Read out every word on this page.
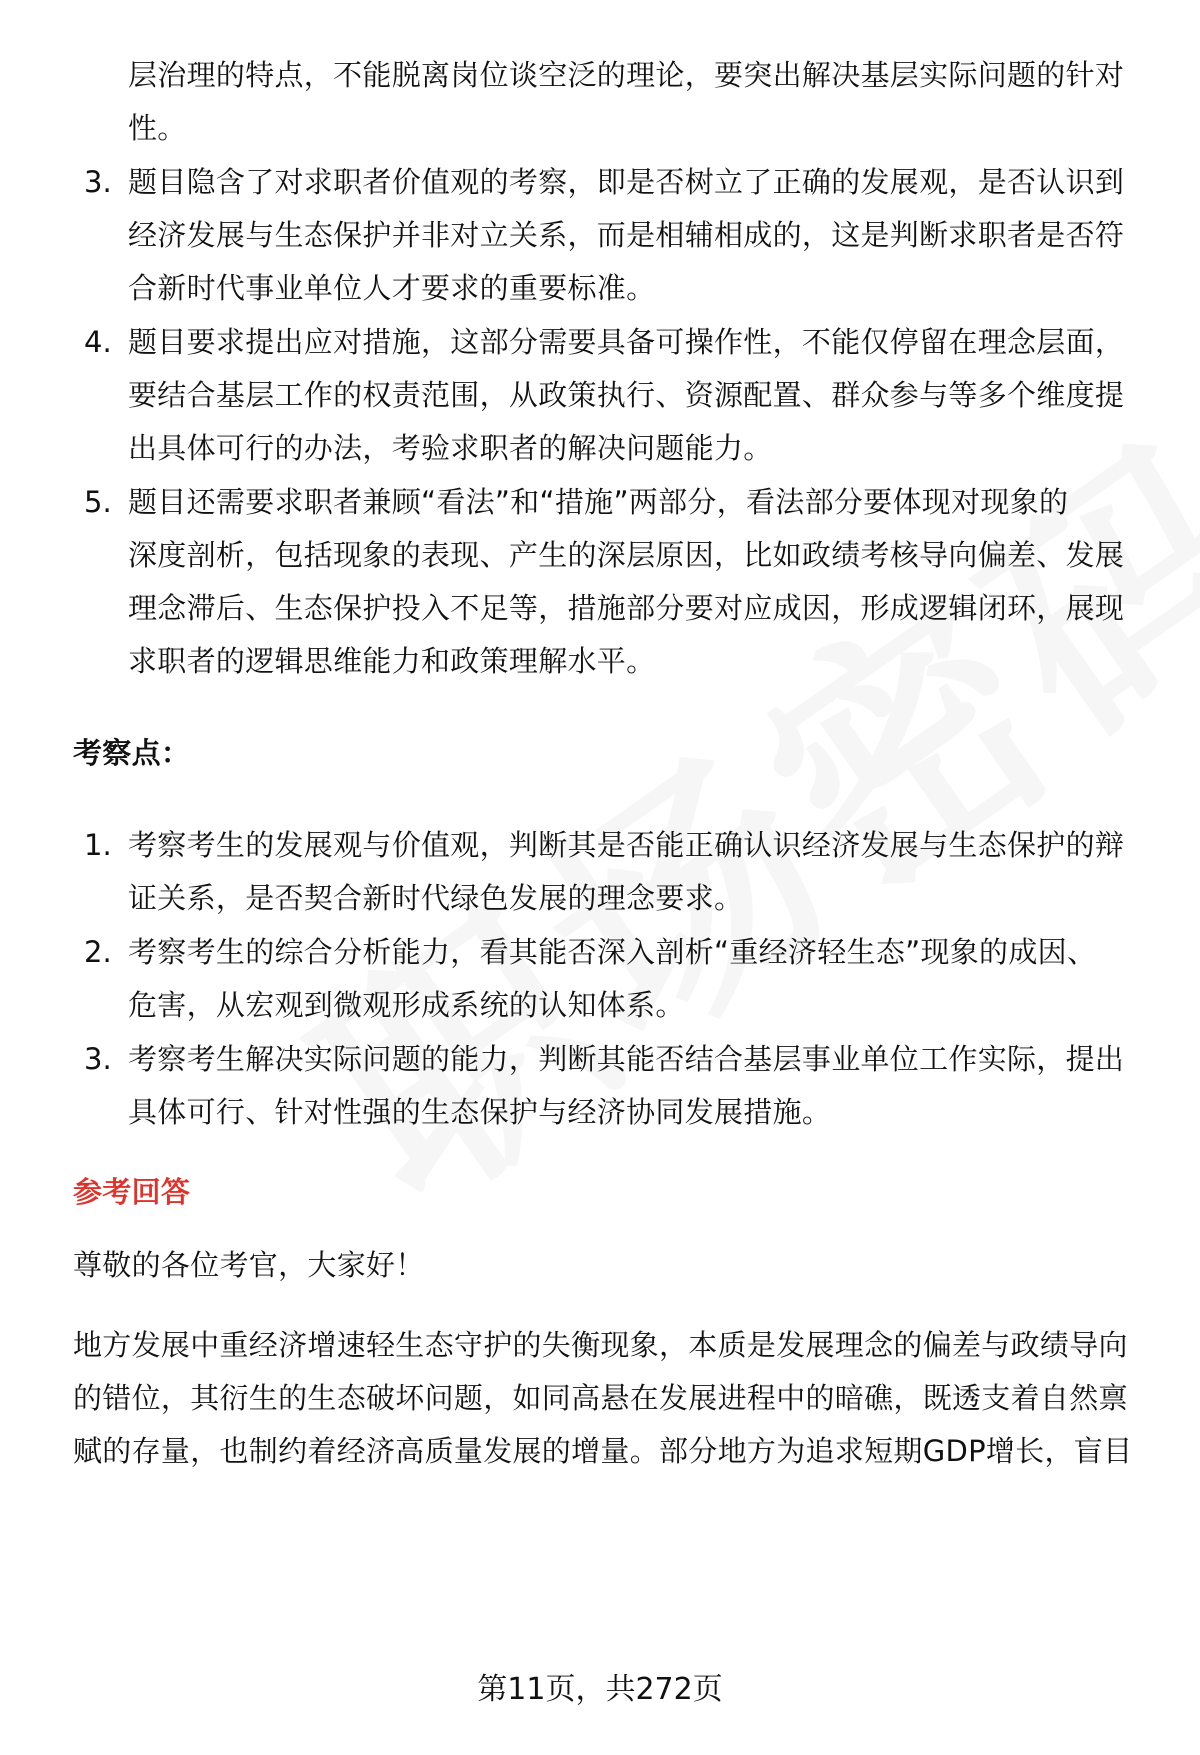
层治理的特点，不能脱离岗位谈空泛的理论，要突出解决基层实际问题的针对
性。
3. 题目隐含了对求职者价值观的考察，即是否树立了正确的发展观，是否认识到
经济发展与生态保护并非对立关系，而是相辅相成的，这是判断求职者是否符
合新时代事业单位人才要求的重要标准。
4. 题目要求提出应对措施，这部分需要具备可操作性，不能仅停留在理念层面，
要结合基层工作的权责范围，从政策执行、资源配置、群众参与等多个维度提
出具体可行的办法，考验求职者的解决问题能力。
5. 题目还需要求职者兼顾“看法”和“措施”两部分，看法部分要体现对现象的
深度剖析，包括现象的表现、产生的深层原因，比如政绩考核导向偏差、发展
理念滞后、生态保护投入不足等，措施部分要对应成因，形成逻辑闭环，展现
求职者的逻辑思维能力和政策理解水平。
考察点：
1. 考察考生的发展观与价值观，判断其是否能正确认识经济发展与生态保护的辩
证关系，是否契合新时代绿色发展的理念要求。
2. 考察考生的综合分析能力，看其能否深入剖析“重经济轻生态”现象的成因、
危害，从宏观到微观形成系统的认知体系。
3. 考察考生解决实际问题的能力，判断其能否结合基层事业单位工作实际，提出
具体可行、针对性强的生态保护与经济协同发展措施。
参考回答
尊敬的各位考官，大家好！
地方发展中重经济增速轻生态守护的失衡现象，本质是发展理念的偏差与政绩导向
的错位，其衍生的生态破坏问题，如同高悬在发展进程中的暗礁，既透支着自然禀
赋的存量，也制约着经济高质量发展的增量。部分地方为追求短期GDP增长，盲目
第11页，共272页
